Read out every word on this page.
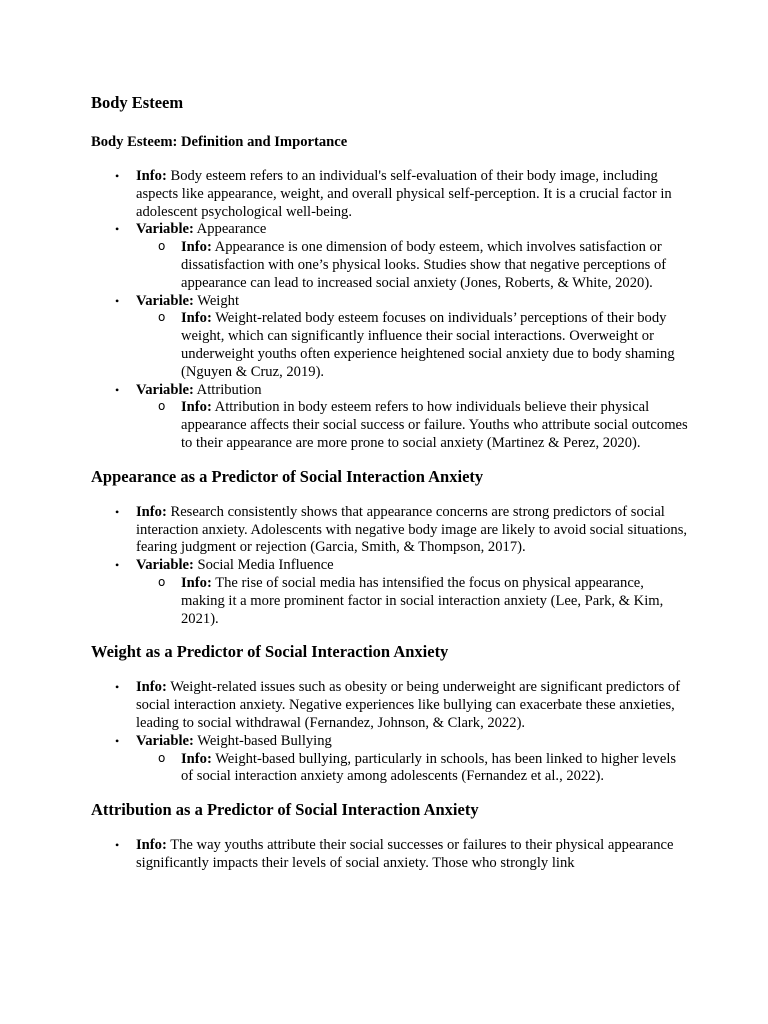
Body Esteem
Body Esteem: Definition and Importance
• Info: Body esteem refers to an individual's self-evaluation of their body image, including aspects like appearance, weight, and overall physical self-perception. It is a crucial factor in adolescent psychological well-being.
• Variable: Appearance
o Info: Appearance is one dimension of body esteem, which involves satisfaction or dissatisfaction with one’s physical looks. Studies show that negative perceptions of appearance can lead to increased social anxiety (Jones, Roberts, & White, 2020).
• Variable: Weight
o Info: Weight-related body esteem focuses on individuals’ perceptions of their body weight, which can significantly influence their social interactions. Overweight or underweight youths often experience heightened social anxiety due to body shaming (Nguyen & Cruz, 2019).
• Variable: Attribution
o Info: Attribution in body esteem refers to how individuals believe their physical appearance affects their social success or failure. Youths who attribute social outcomes to their appearance are more prone to social anxiety (Martinez & Perez, 2020).
Appearance as a Predictor of Social Interaction Anxiety
• Info: Research consistently shows that appearance concerns are strong predictors of social interaction anxiety. Adolescents with negative body image are likely to avoid social situations, fearing judgment or rejection (Garcia, Smith, & Thompson, 2017).
• Variable: Social Media Influence
o Info: The rise of social media has intensified the focus on physical appearance, making it a more prominent factor in social interaction anxiety (Lee, Park, & Kim, 2021).
Weight as a Predictor of Social Interaction Anxiety
• Info: Weight-related issues such as obesity or being underweight are significant predictors of social interaction anxiety. Negative experiences like bullying can exacerbate these anxieties, leading to social withdrawal (Fernandez, Johnson, & Clark, 2022).
• Variable: Weight-based Bullying
o Info: Weight-based bullying, particularly in schools, has been linked to higher levels of social interaction anxiety among adolescents (Fernandez et al., 2022).
Attribution as a Predictor of Social Interaction Anxiety
• Info: The way youths attribute their social successes or failures to their physical appearance significantly impacts their levels of social anxiety. Those who strongly link
